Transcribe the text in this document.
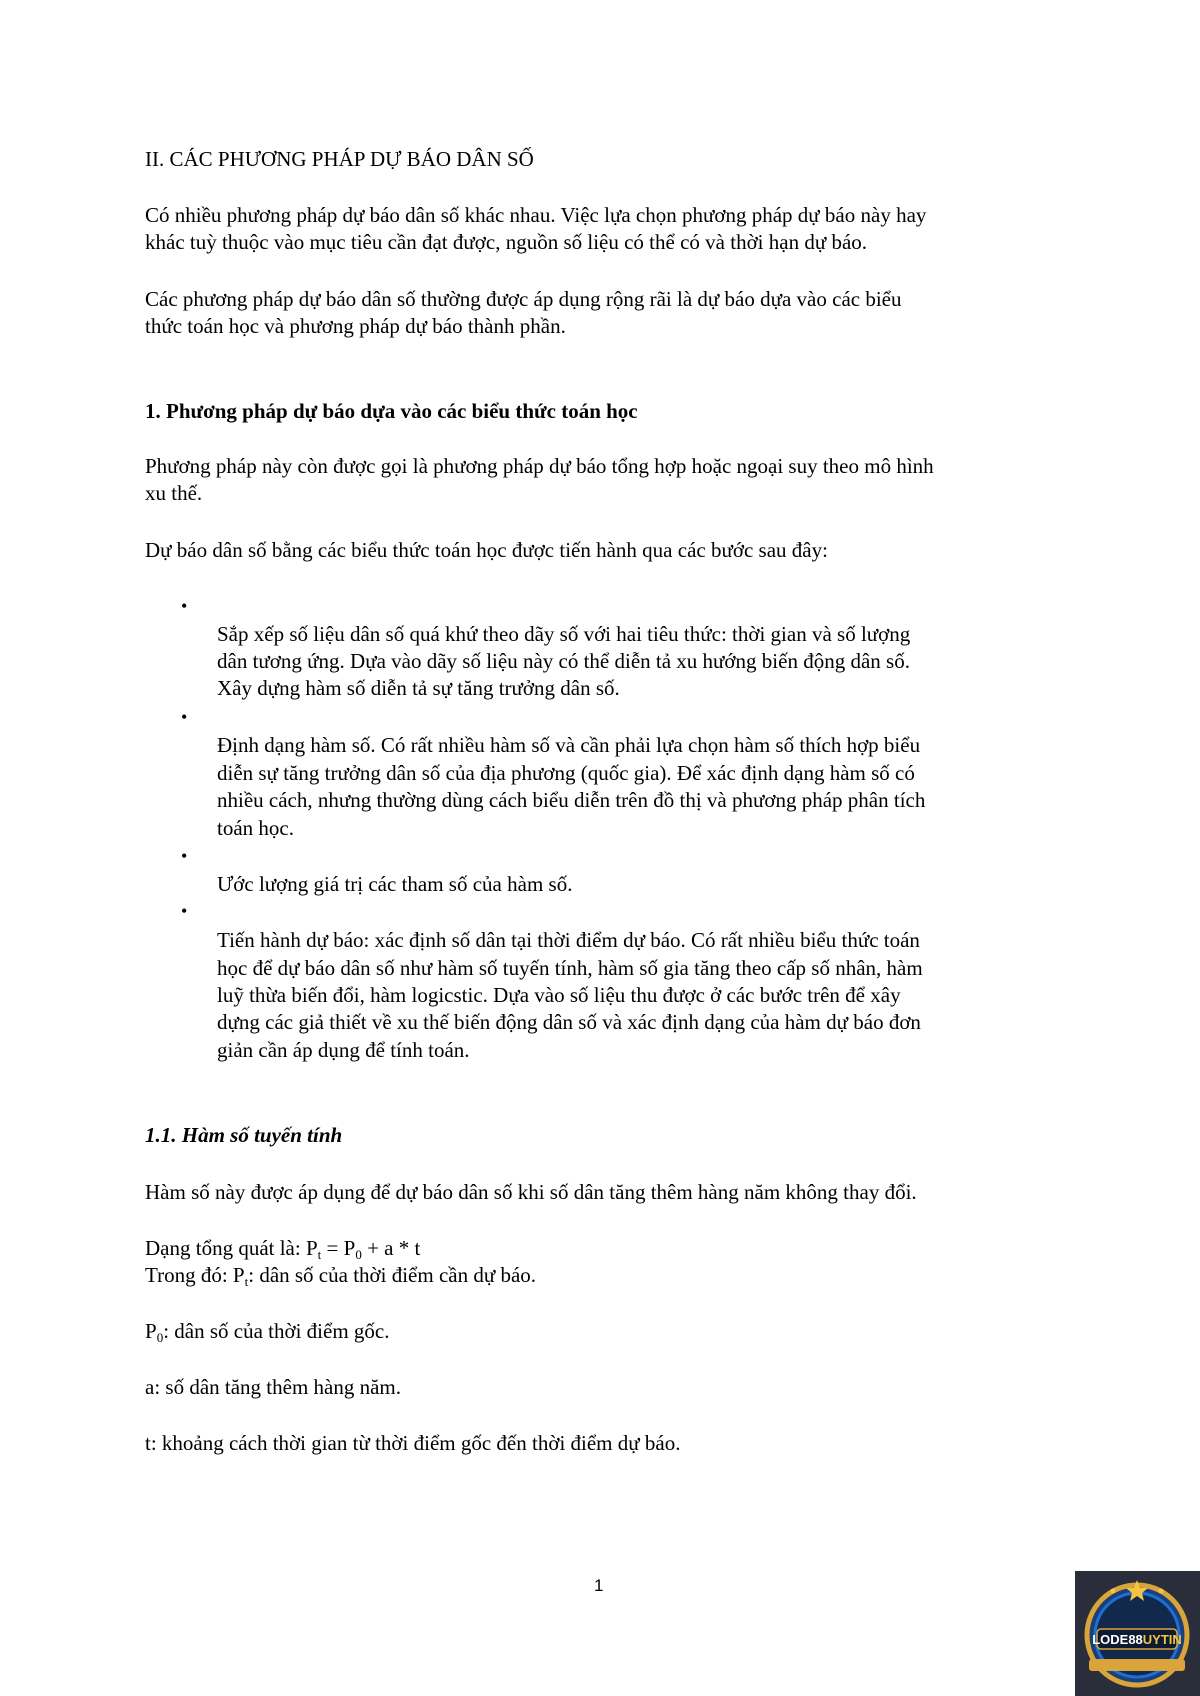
II. CÁC PHƯƠNG PHÁP DỰ BÁO DÂN SỐ
Có nhiều phương pháp dự báo dân số khác nhau. Việc lựa chọn phương pháp dự báo này hay
khác tuỳ thuộc vào mục tiêu cần đạt được, nguồn số liệu có thể có và thời hạn dự báo.
Các phương pháp dự báo dân số thường được áp dụng rộng rãi là dự báo dựa vào các biểu
thức toán học và phương pháp dự báo thành phần.
1. Phương pháp dự báo dựa vào các biểu thức toán học
Phương pháp này còn được gọi là phương pháp dự báo tổng hợp hoặc ngoại suy theo mô hình
xu thế.
Dự báo dân số bằng các biểu thức toán học được tiến hành qua các bước sau đây:
•
Sắp xếp số liệu dân số quá khứ theo dãy số với hai tiêu thức: thời gian và số lượng
dân tương ứng. Dựa vào dãy số liệu này có thể diễn tả xu hướng biến động dân số.
Xây dựng hàm số diễn tả sự tăng trưởng dân số.
•
Định dạng hàm số. Có rất nhiều hàm số và cần phải lựa chọn hàm số thích hợp biểu
diễn sự tăng trưởng dân số của địa phương (quốc gia). Để xác định dạng hàm số có
nhiều cách, nhưng thường dùng cách biểu diễn trên đồ thị và phương pháp phân tích
toán học.
•
Ước lượng giá trị các tham số của hàm số.
•
Tiến hành dự báo: xác định số dân tại thời điểm dự báo. Có rất nhiều biểu thức toán
học để dự báo dân số như hàm số tuyến tính, hàm số gia tăng theo cấp số nhân, hàm
luỹ thừa biến đổi, hàm logicstic. Dựa vào số liệu thu được ở các bước trên để xây
dựng các giả thiết về xu thế biến động dân số và xác định dạng của hàm dự báo đơn
giản cần áp dụng để tính toán.
1.1. Hàm số tuyến tính
Hàm số này được áp dụng để dự báo dân số khi số dân tăng thêm hàng năm không thay đổi.
Dạng tổng quát là: $P_t = P_0 + a * t$
Trong đó: $P_t$: dân số của thời điểm cần dự báo.
$P_0$: dân số của thời điểm gốc.
a: số dân tăng thêm hàng năm.
t: khoảng cách thời gian từ thời điểm gốc đến thời điểm dự báo.
1
LODE88UYTIN
